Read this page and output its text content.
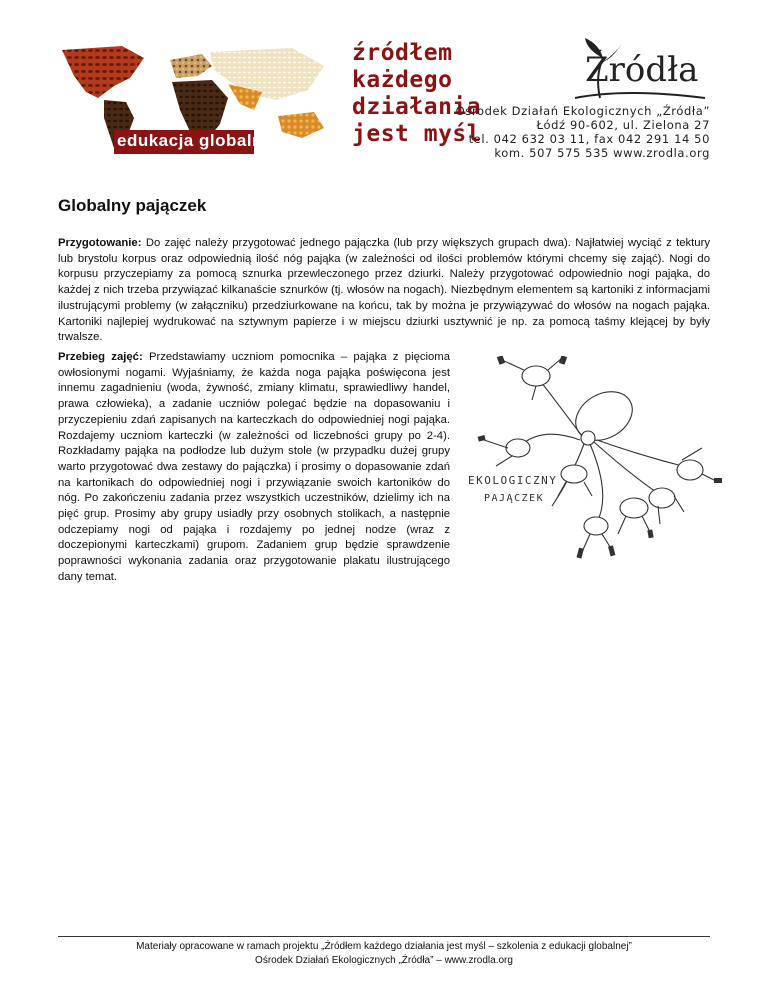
edukacja globalna
źródłem
każdego
działania
jest myśl
Źródła
Ośrodek Działań Ekologicznych „Źródła”
Łódź 90-602, ul. Zielona 27
tel. 042 632 03 11, fax 042 291 14 50
kom. 507 575 535 www.zrodla.org
Globalny pajączek

Przygotowanie: Do zajęć należy przygotować jednego pajączka (lub przy większych grupach dwa). Najłatwiej wyciąć z tektury lub brystolu korpus oraz odpowiednią ilość nóg pająka (w zależności od ilości problemów którymi chcemy się zająć). Nogi do korpusu przyczepiamy za pomocą sznurka przewleczonego przez dziurki. Należy przygotować odpowiednio nogi pająka, do każdej z nich trzeba przywiązać kilkanaście sznurków (tj. włosów na nogach). Niezbędnym elementem są kartoniki z informacjami ilustrującymi problemy (w załączniku) przedziurkowane na końcu, tak by można je przywiązywać do włosów na nogach pająka. Kartoniki najlepiej wydrukować na sztywnym papierze i w miejscu dziurki usztywnić je np. za pomocą taśmy klejącej by były trwalsze.

Przebieg zajęć: Przedstawiamy uczniom pomocnika – pająka z pięcioma owłosionymi nogami. Wyjaśniamy, że każda noga pająka poświęcona jest innemu zagadnieniu (woda, żywność, zmiany klimatu, sprawiedliwy handel, prawa człowieka), a zadanie uczniów polegać będzie na dopasowaniu i przyczepieniu zdań zapisanych na karteczkach do odpowiedniej nogi pająka. Rozdajemy uczniom karteczki (w zależności od liczebności grupy po 2-4). Rozkładamy pająka na podłodze lub dużym stole (w przypadku dużej grupy warto przygotować dwa zestawy do pajączka) i prosimy o dopasowanie zdań na kartonikach do odpowiedniej nogi i przywiązanie swoich kartoników do nóg. Po zakończeniu zadania przez wszystkich uczestników, dzielimy ich na pięć grup. Prosimy aby grupy usiadły przy osobnych stolikach, a następnie odczepiamy nogi od pająka i rozdajemy po jednej nodze (wraz z doczepionymi karteczkami) grupom. Zadaniem grup będzie sprawdzenie poprawności wykonania zadania oraz przygotowanie plakatu ilustrującego dany temat.

EKOLOGICZNY
PAJĄCZEK
Materiały opracowane w ramach projektu „Źródłem każdego działania jest myśl – szkolenia z edukacji globalnej”
Ośrodek Działań Ekologicznych „Źródła” – www.zrodla.org
